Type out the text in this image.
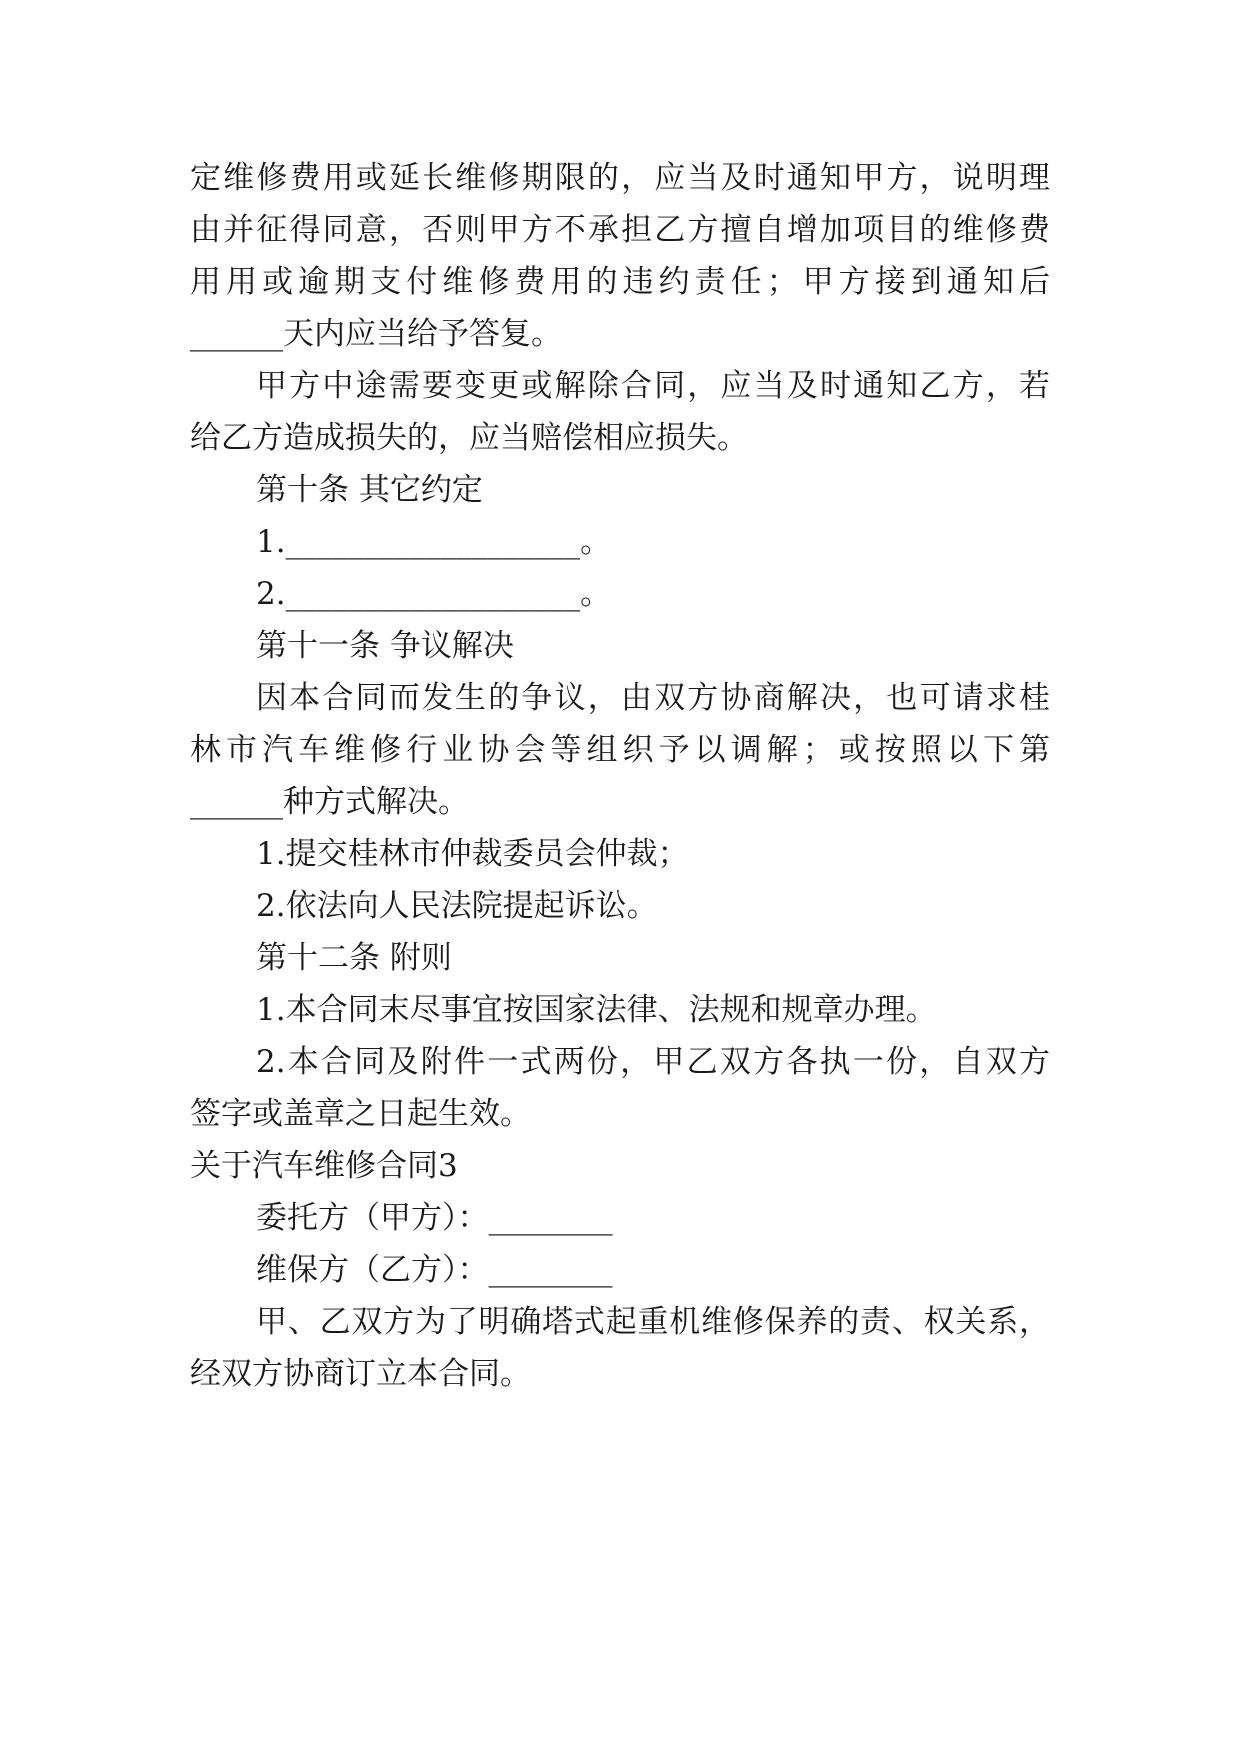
定维修费用或延长维修期限的，应当及时通知甲方，说明理
由并征得同意，否则甲方不承担乙方擅自增加项目的维修费
用用或逾期支付维修费用的违约责任；甲方接到通知后
______天内应当给予答复。
甲方中途需要变更或解除合同，应当及时通知乙方，若
给乙方造成损失的，应当赔偿相应损失。
第十条 其它约定
1.___________________。
2.___________________。
第十一条 争议解决
因本合同而发生的争议，由双方协商解决，也可请求桂
林市汽车维修行业协会等组织予以调解；或按照以下第
______种方式解决。
1.提交桂林市仲裁委员会仲裁；
2.依法向人民法院提起诉讼。
第十二条 附则
1.本合同末尽事宜按国家法律、法规和规章办理。
2.本合同及附件一式两份，甲乙双方各执一份，自双方
签字或盖章之日起生效。
关于汽车维修合同3
委托方（甲方）：________
维保方（乙方）：________
甲、乙双方为了明确塔式起重机维修保养的责、权关系，
经双方协商订立本合同。
